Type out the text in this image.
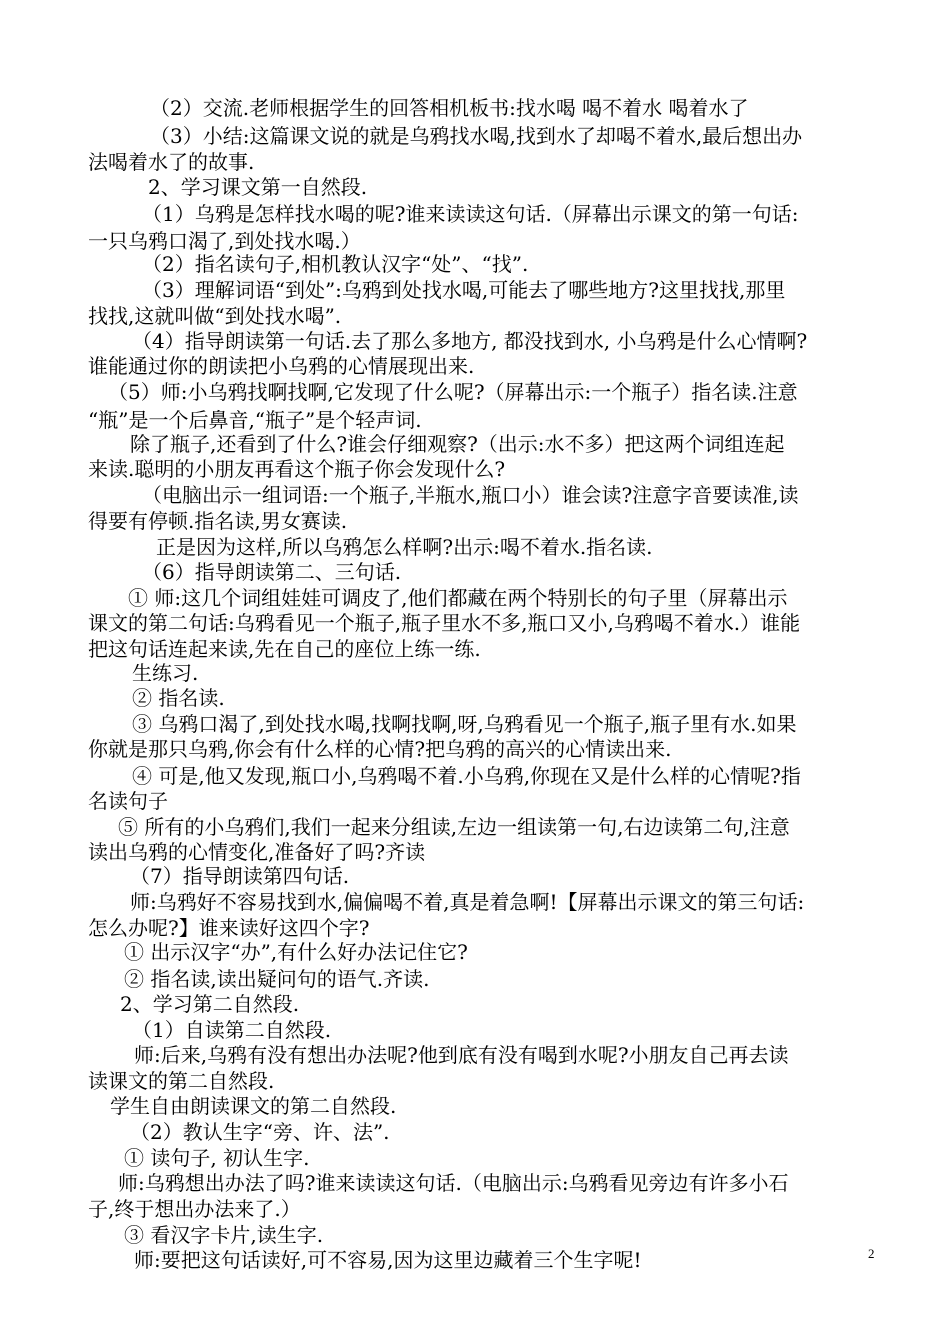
（2）交流.老师根据学生的回答相机板书:找水喝 喝不着水 喝着水了
（3）小结:这篇课文说的就是乌鸦找水喝,找到水了却喝不着水,最后想出办
法喝着水了的故事.
2、学习课文第一自然段.
（1）乌鸦是怎样找水喝的呢?谁来读读这句话.（屏幕出示课文的第一句话:
一只乌鸦口渴了,到处找水喝.）
（2）指名读句子,相机教认汉字“处”、“找”.
（3）理解词语“到处”:乌鸦到处找水喝,可能去了哪些地方?这里找找,那里
找找,这就叫做“到处找水喝”.
（4）指导朗读第一句话.去了那么多地方, 都没找到水, 小乌鸦是什么心情啊?
谁能通过你的朗读把小乌鸦的心情展现出来.
（5）师:小乌鸦找啊找啊,它发现了什么呢?（屏幕出示:一个瓶子）指名读.注意
“瓶”是一个后鼻音,“瓶子”是个轻声词.
除了瓶子,还看到了什么?谁会仔细观察?（出示:水不多）把这两个词组连起
来读.聪明的小朋友再看这个瓶子你会发现什么?
（电脑出示一组词语:一个瓶子,半瓶水,瓶口小）谁会读?注意字音要读准,读
得要有停顿.指名读,男女赛读.
正是因为这样,所以乌鸦怎么样啊?出示:喝不着水.指名读.
（6）指导朗读第二、三句话.
① 师:这几个词组娃娃可调皮了,他们都藏在两个特别长的句子里（屏幕出示
课文的第二句话:乌鸦看见一个瓶子,瓶子里水不多,瓶口又小,乌鸦喝不着水.）谁能
把这句话连起来读,先在自己的座位上练一练.
生练习.
② 指名读.
③ 乌鸦口渴了,到处找水喝,找啊找啊,呀,乌鸦看见一个瓶子,瓶子里有水.如果
你就是那只乌鸦,你会有什么样的心情?把乌鸦的高兴的心情读出来.
④ 可是,他又发现,瓶口小,乌鸦喝不着.小乌鸦,你现在又是什么样的心情呢?指
名读句子
⑤ 所有的小乌鸦们,我们一起来分组读,左边一组读第一句,右边读第二句,注意
读出乌鸦的心情变化,准备好了吗?齐读
（7）指导朗读第四句话.
师:乌鸦好不容易找到水,偏偏喝不着,真是着急啊!【屏幕出示课文的第三句话:
怎么办呢?】谁来读好这四个字?
① 出示汉字“办”,有什么好办法记住它?
② 指名读,读出疑问句的语气.齐读.
2、学习第二自然段.
（1）自读第二自然段.
师:后来,乌鸦有没有想出办法呢?他到底有没有喝到水呢?小朋友自己再去读
读课文的第二自然段.
学生自由朗读课文的第二自然段.
（2）教认生字“旁、许、法”.
① 读句子, 初认生字.
师:乌鸦想出办法了吗?谁来读读这句话.（电脑出示:乌鸦看见旁边有许多小石
子,终于想出办法来了.）
③ 看汉字卡片,读生字.
师:要把这句话读好,可不容易,因为这里边藏着三个生字呢!	2
